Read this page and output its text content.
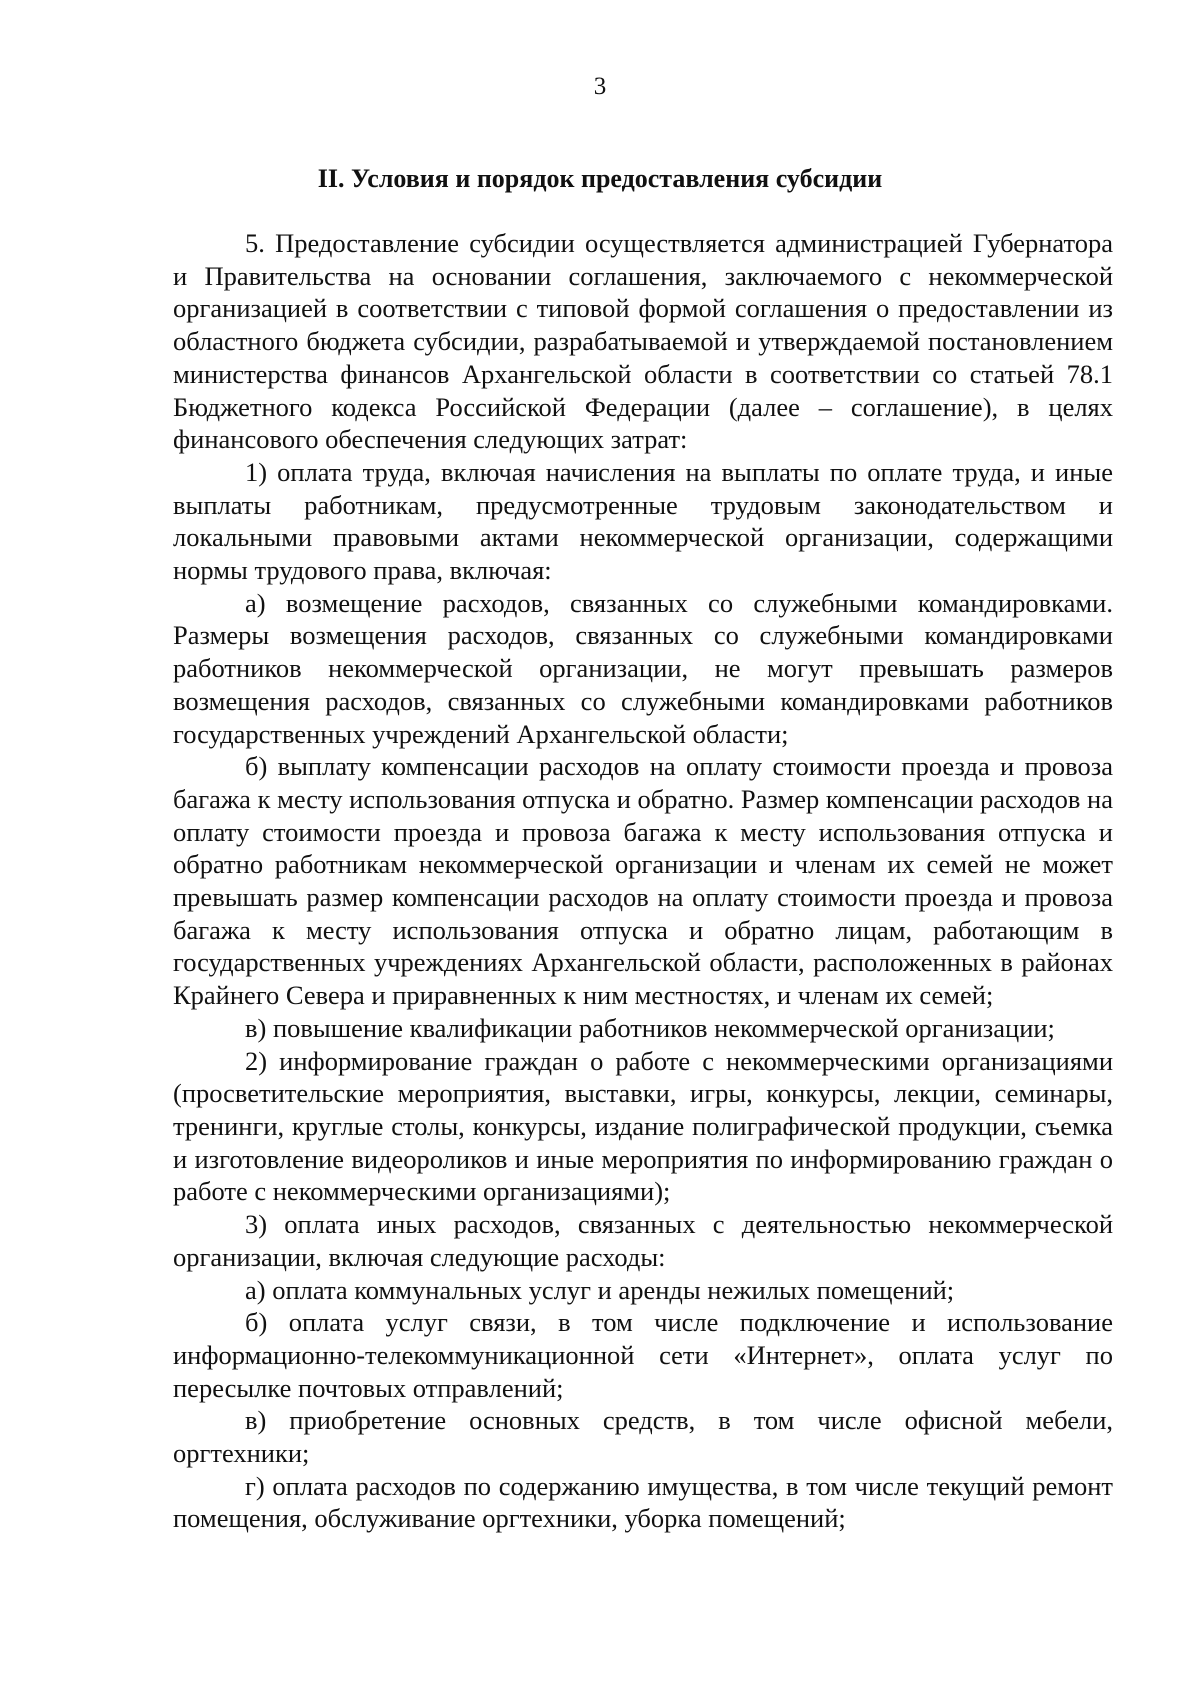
3
II. Условия и порядок предоставления субсидии

5. Предоставление субсидии осуществляется администрацией Губернатора и Правительства на основании соглашения, заключаемого с некоммерческой организацией в соответствии с типовой формой соглашения о предоставлении из областного бюджета субсидии, разрабатываемой и утверждаемой постановлением министерства финансов Архангельской области в соответствии со статьей 78.1 Бюджетного кодекса Российской Федерации (далее – соглашение), в целях финансового обеспечения следующих затрат:

1) оплата труда, включая начисления на выплаты по оплате труда, и иные выплаты работникам, предусмотренные трудовым законодательством и локальными правовыми актами некоммерческой организации, содержащими нормы трудового права, включая:

а) возмещение расходов, связанных со служебными командировками. Размеры возмещения расходов, связанных со служебными командировками работников некоммерческой организации, не могут превышать размеров возмещения расходов, связанных со служебными командировками работников государственных учреждений Архангельской области;

б) выплату компенсации расходов на оплату стоимости проезда и провоза багажа к месту использования отпуска и обратно. Размер компенсации расходов на оплату стоимости проезда и провоза багажа к месту использования отпуска и обратно работникам некоммерческой организации и членам их семей не может превышать размер компенсации расходов на оплату стоимости проезда и провоза багажа к месту использования отпуска и обратно лицам, работающим в государственных учреждениях Архангельской области, расположенных в районах Крайнего Севера и приравненных к ним местностях, и членам их семей;

в) повышение квалификации работников некоммерческой организации;

2) информирование граждан о работе с некоммерческими организациями (просветительские мероприятия, выставки, игры, конкурсы, лекции, семинары, тренинги, круглые столы, конкурсы, издание полиграфической продукции, съемка и изготовление видеороликов и иные мероприятия по информированию граждан о работе с некоммерческими организациями);

3) оплата иных расходов, связанных с деятельностью некоммерческой организации, включая следующие расходы:

а) оплата коммунальных услуг и аренды нежилых помещений;

б) оплата услуг связи, в том числе подключение и использование информационно-телекоммуникационной сети «Интернет», оплата услуг по пересылке почтовых отправлений;

в) приобретение основных средств, в том числе офисной мебели, оргтехники;

г) оплата расходов по содержанию имущества, в том числе текущий ремонт помещения, обслуживание оргтехники, уборка помещений;
